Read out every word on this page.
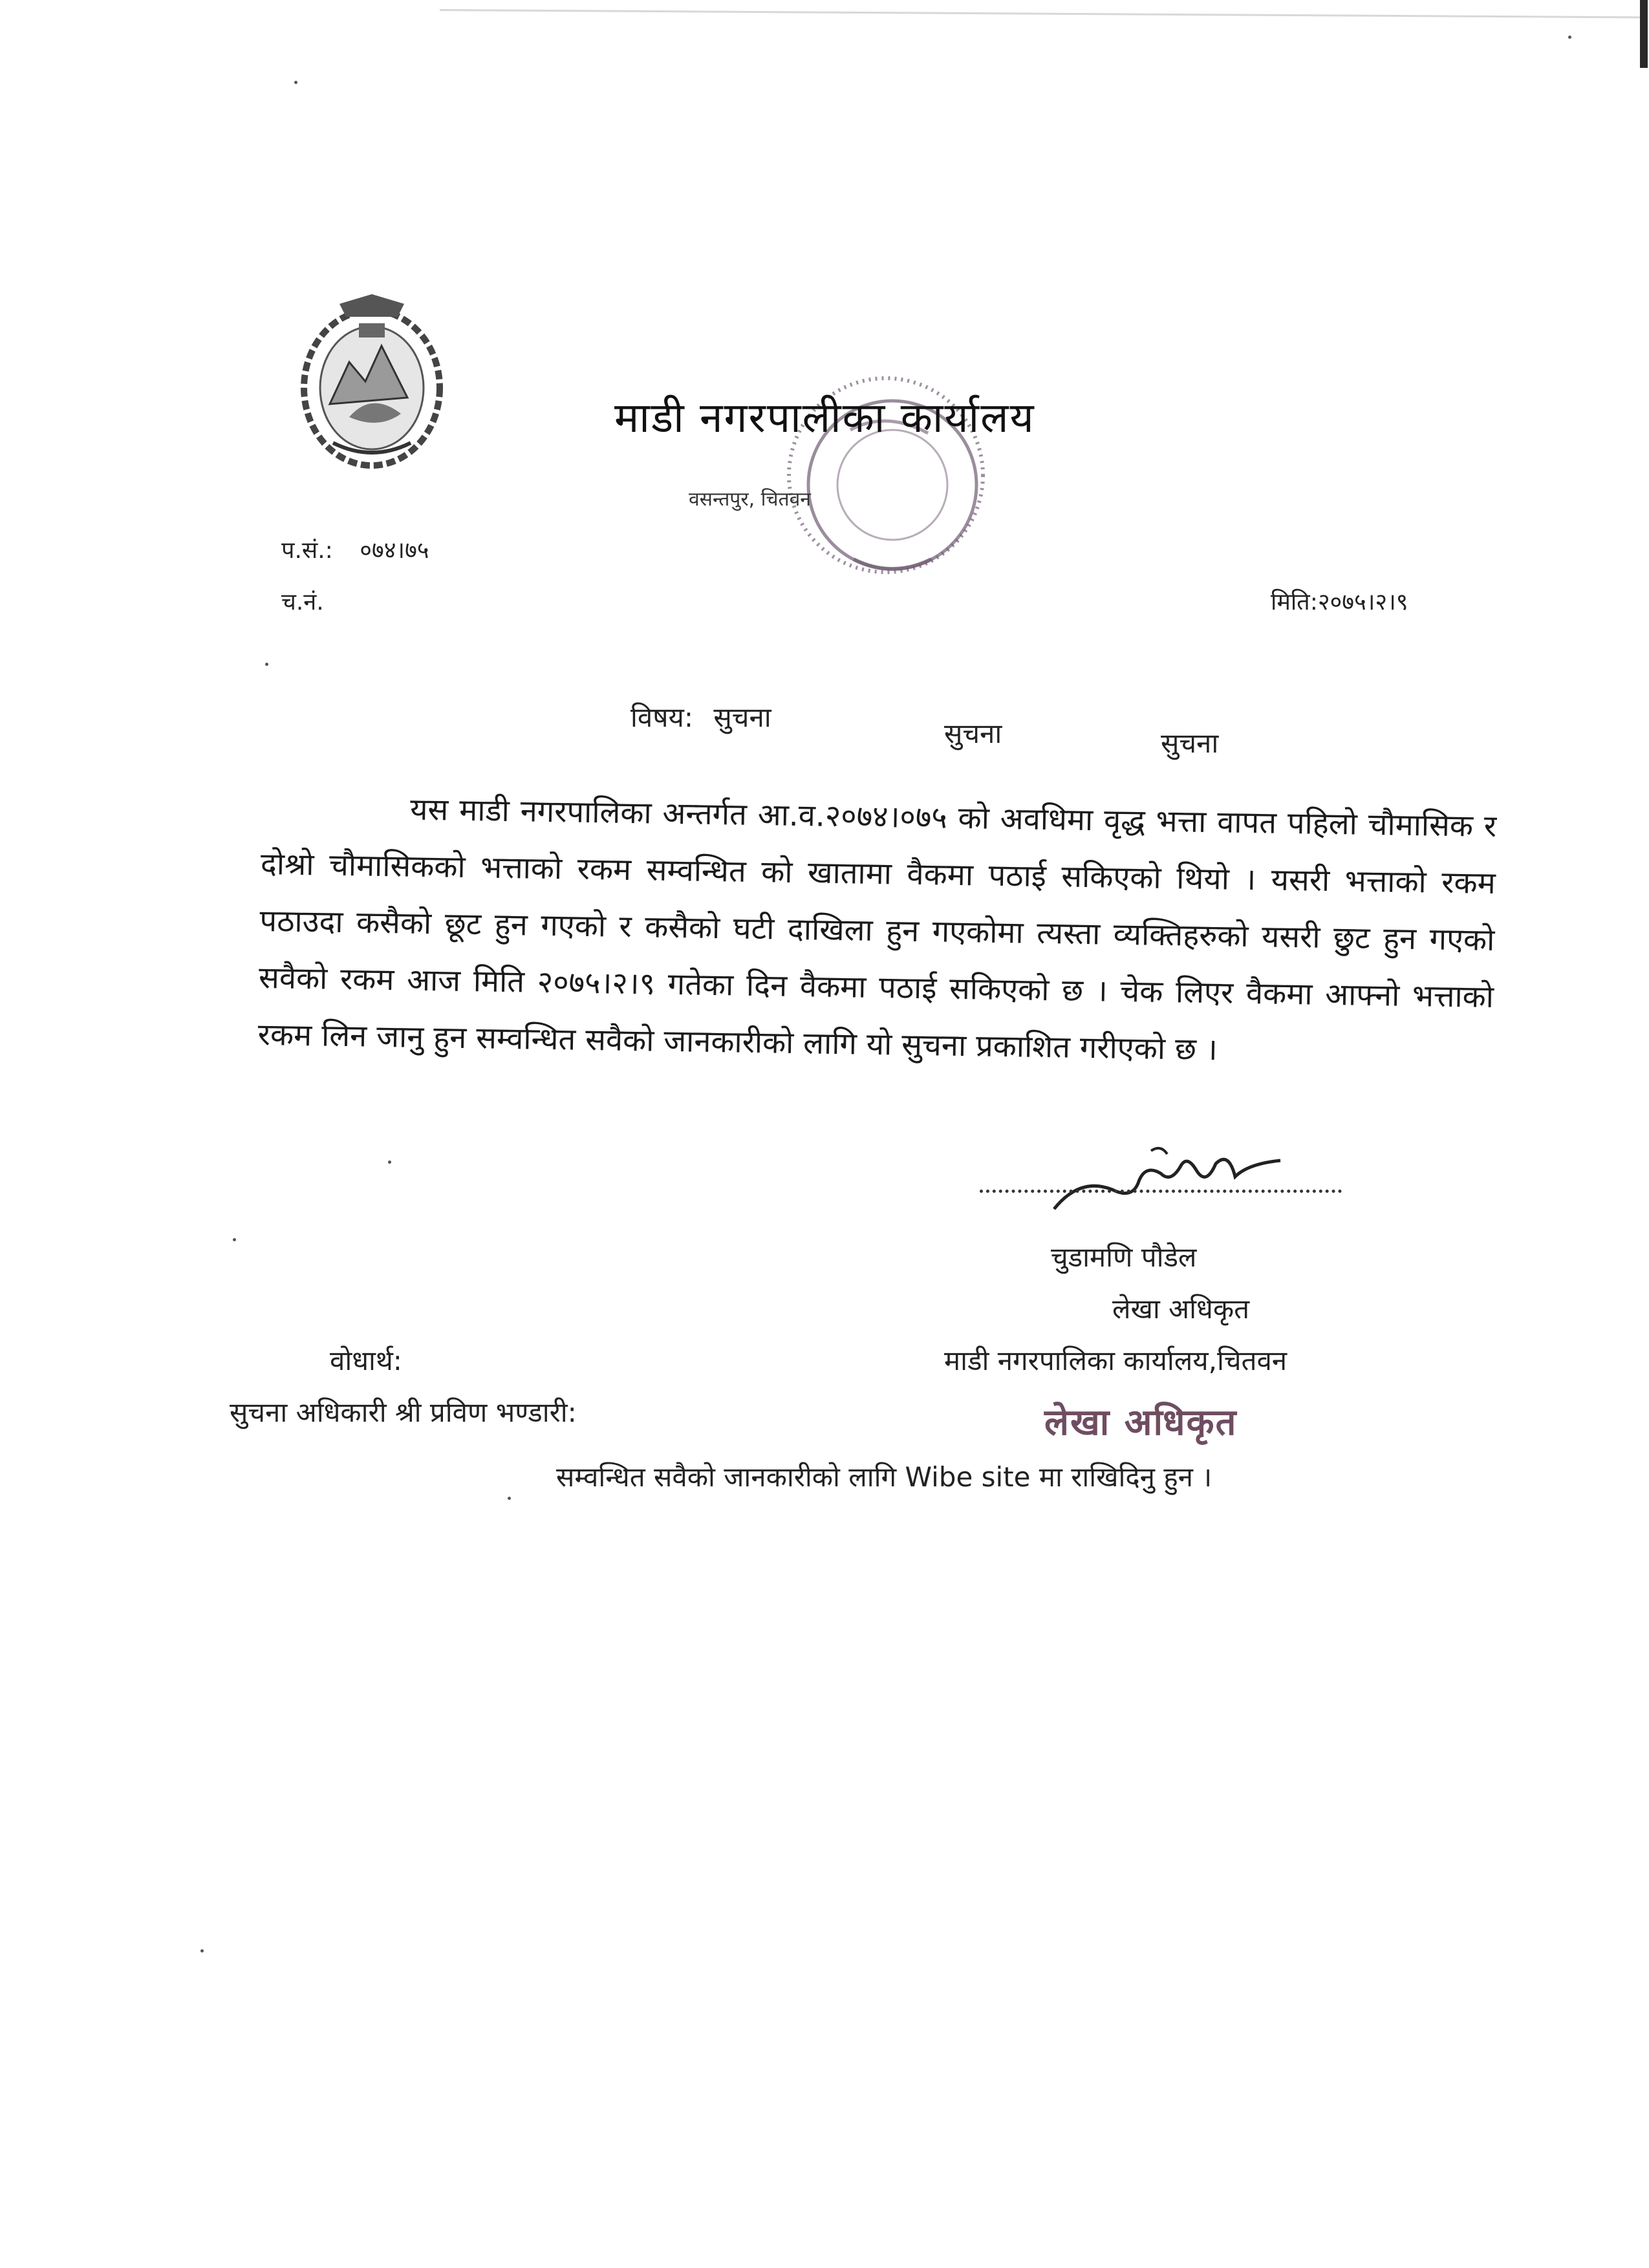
माडी नगरपालीका कार्यालय
वसन्तपुर, चितवन
प.सं.: ०७४।७५
च.नं.	मिति:२०७५।२।९
विषय: सुचना
सुचना	सुचना
यस माडी नगरपालिका अन्तर्गत आ.व.२०७४।०७५ को अवधिमा वृद्ध भत्ता वापत पहिलो चौमासिक र दोश्रो चौमासिकको भत्ताको रकम सम्वन्धित को खातामा वैकमा पठाई सकिएको थियो । यसरी भत्ताको रकम पठाउदा कसैको छूट हुन गएको र कसैको घटी दाखिला हुन गएकोमा त्यस्ता व्यक्तिहरुको यसरी छुट हुन गएको सवैको रकम आज मिति २०७५।२।९ गतेका दिन वैकमा पठाई सकिएको छ । चेक लिएर वैकमा आफ्नो भत्ताको रकम लिन जानु हुन सम्वन्धित सवैको जानकारीको लागि यो सुचना प्रकाशित गरीएको छ ।
चुडामणि पौडेल
लेखा अधिकृत
माडी नगरपालिका कार्यालय,चितवन
वोधार्थ:
सुचना अधिकारी श्री प्रविण भण्डारी:	लेखा अधिकृत
सम्वन्धित सवैको जानकारीको लागि Wibe site मा राखिदिनु हुन ।
